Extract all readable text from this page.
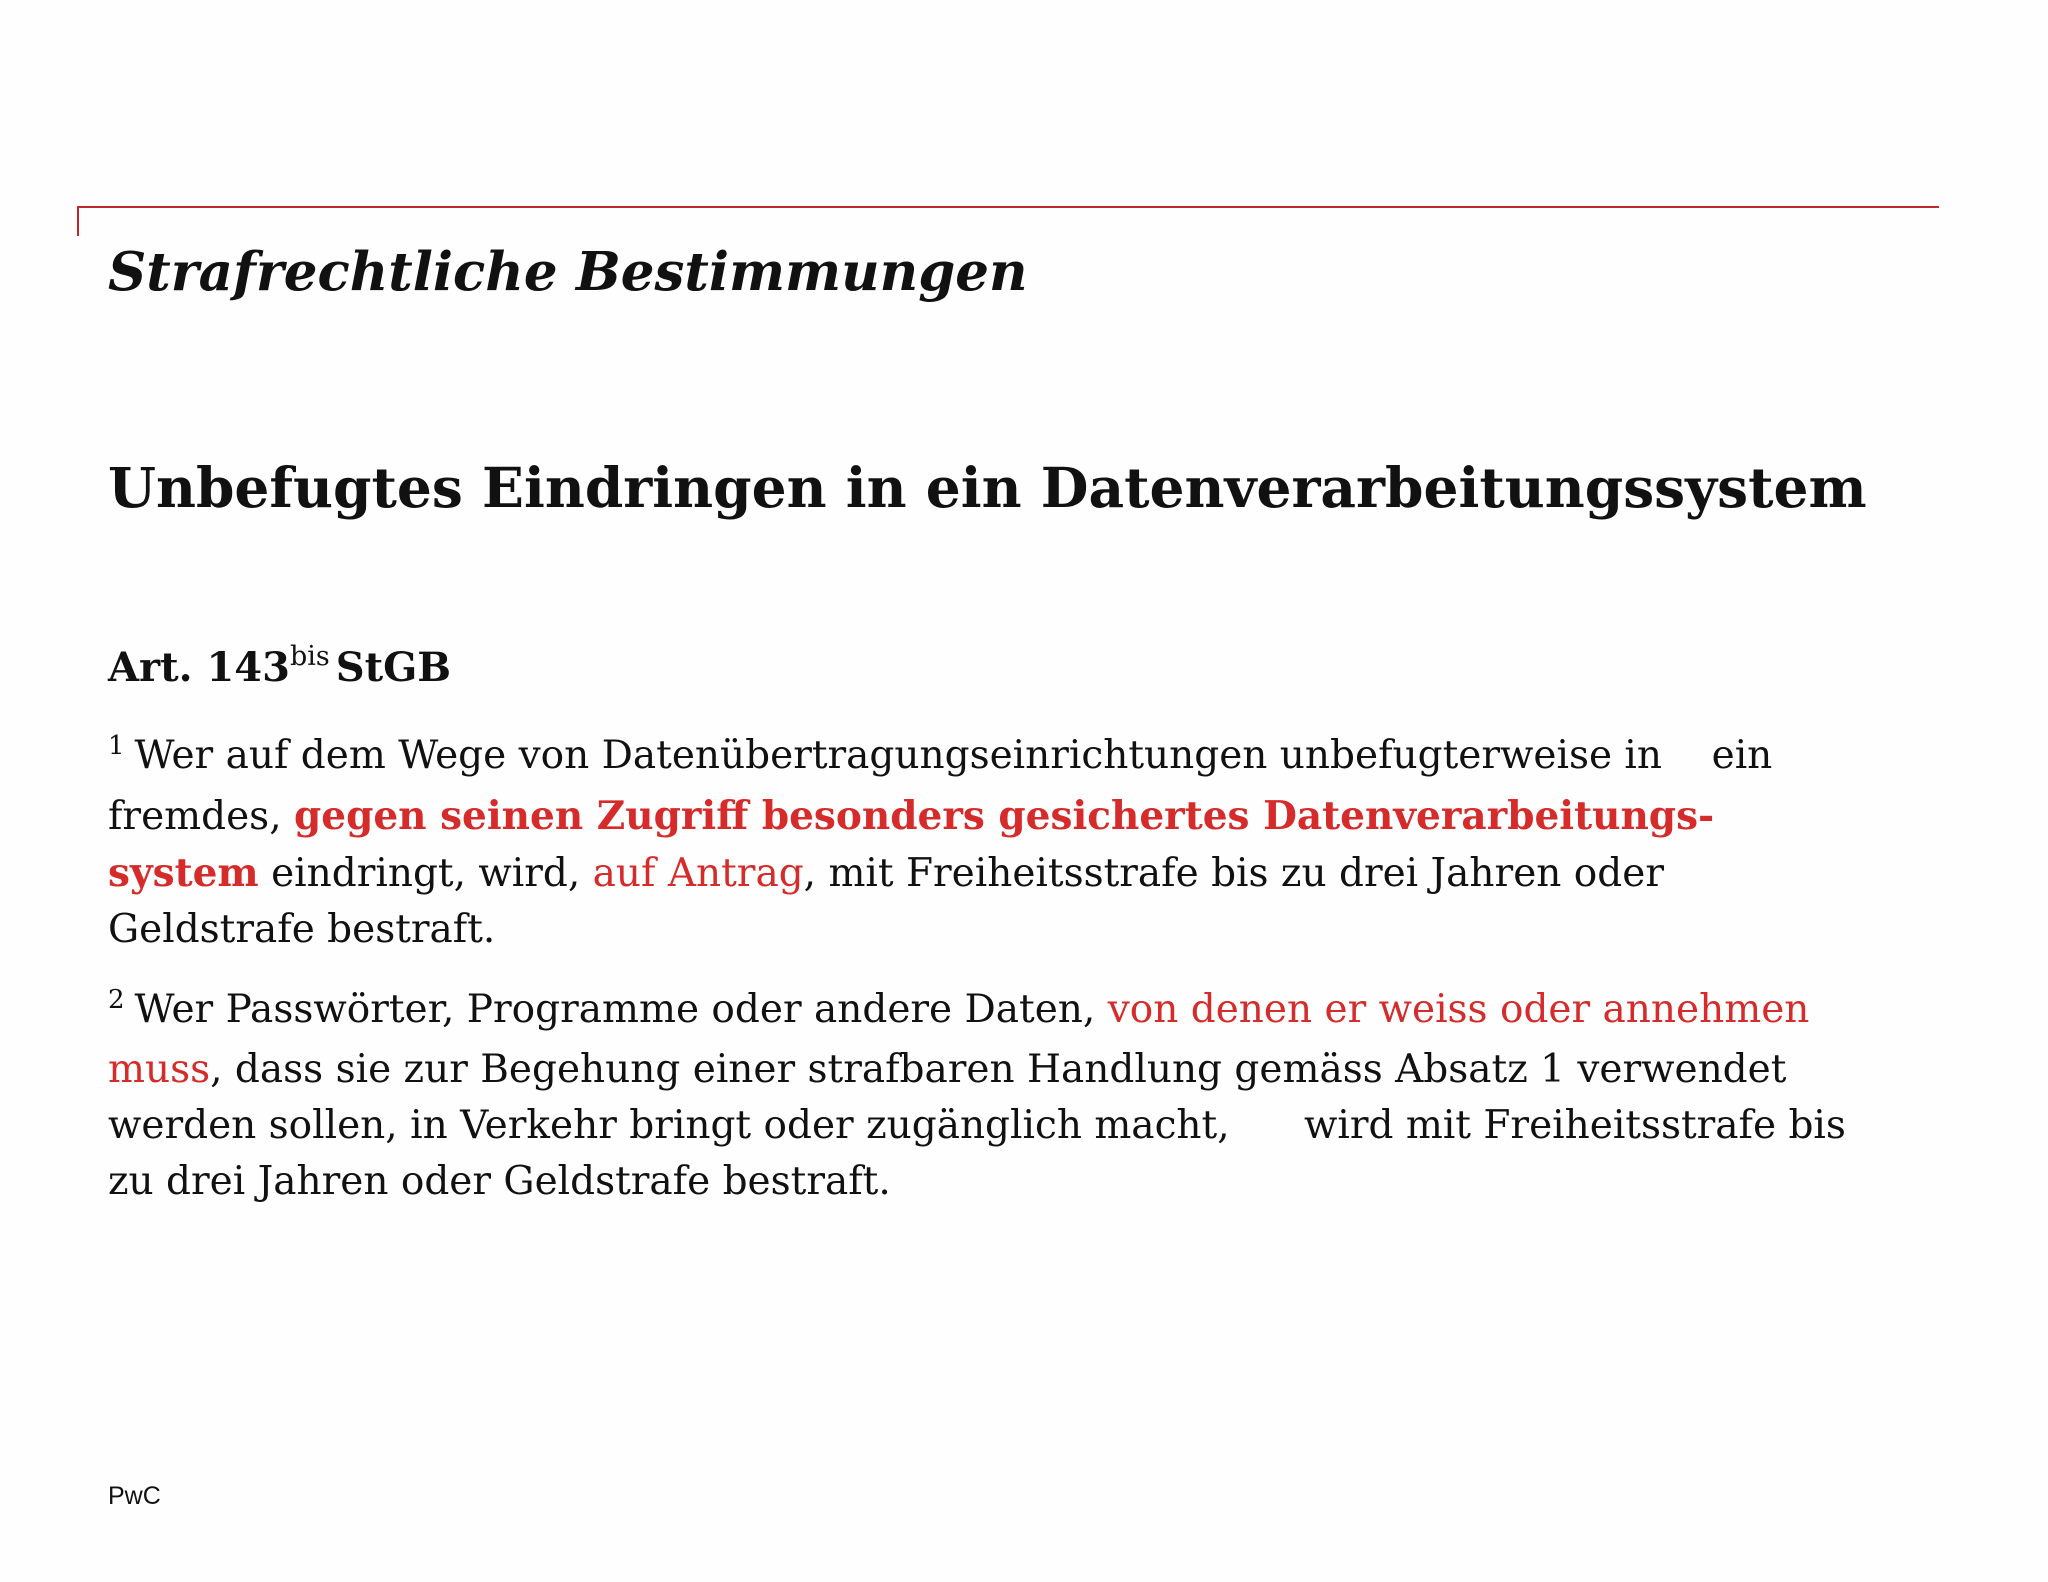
Strafrechtliche Bestimmungen
Unbefugtes Eindringen in ein Datenverarbeitungssystem
Art. $143^{bis}$ StGB

$^1$ Wer auf dem Wege von Datenübertragungseinrichtungen unbefugterweise in    ein
fremdes, gegen seinen Zugriff besonders gesichertes Datenverarbeitungs-
system eindringt, wird, auf Antrag, mit Freiheitsstrafe bis zu drei Jahren oder
Geldstrafe bestraft.

$^2$ Wer Passwörter, Programme oder andere Daten, von denen er weiss oder annehmen
muss, dass sie zur Begehung einer strafbaren Handlung gemäss Absatz 1 verwendet
werden sollen, in Verkehr bringt oder zugänglich macht,      wird mit Freiheitsstrafe bis
zu drei Jahren oder Geldstrafe bestraft.

PwC
